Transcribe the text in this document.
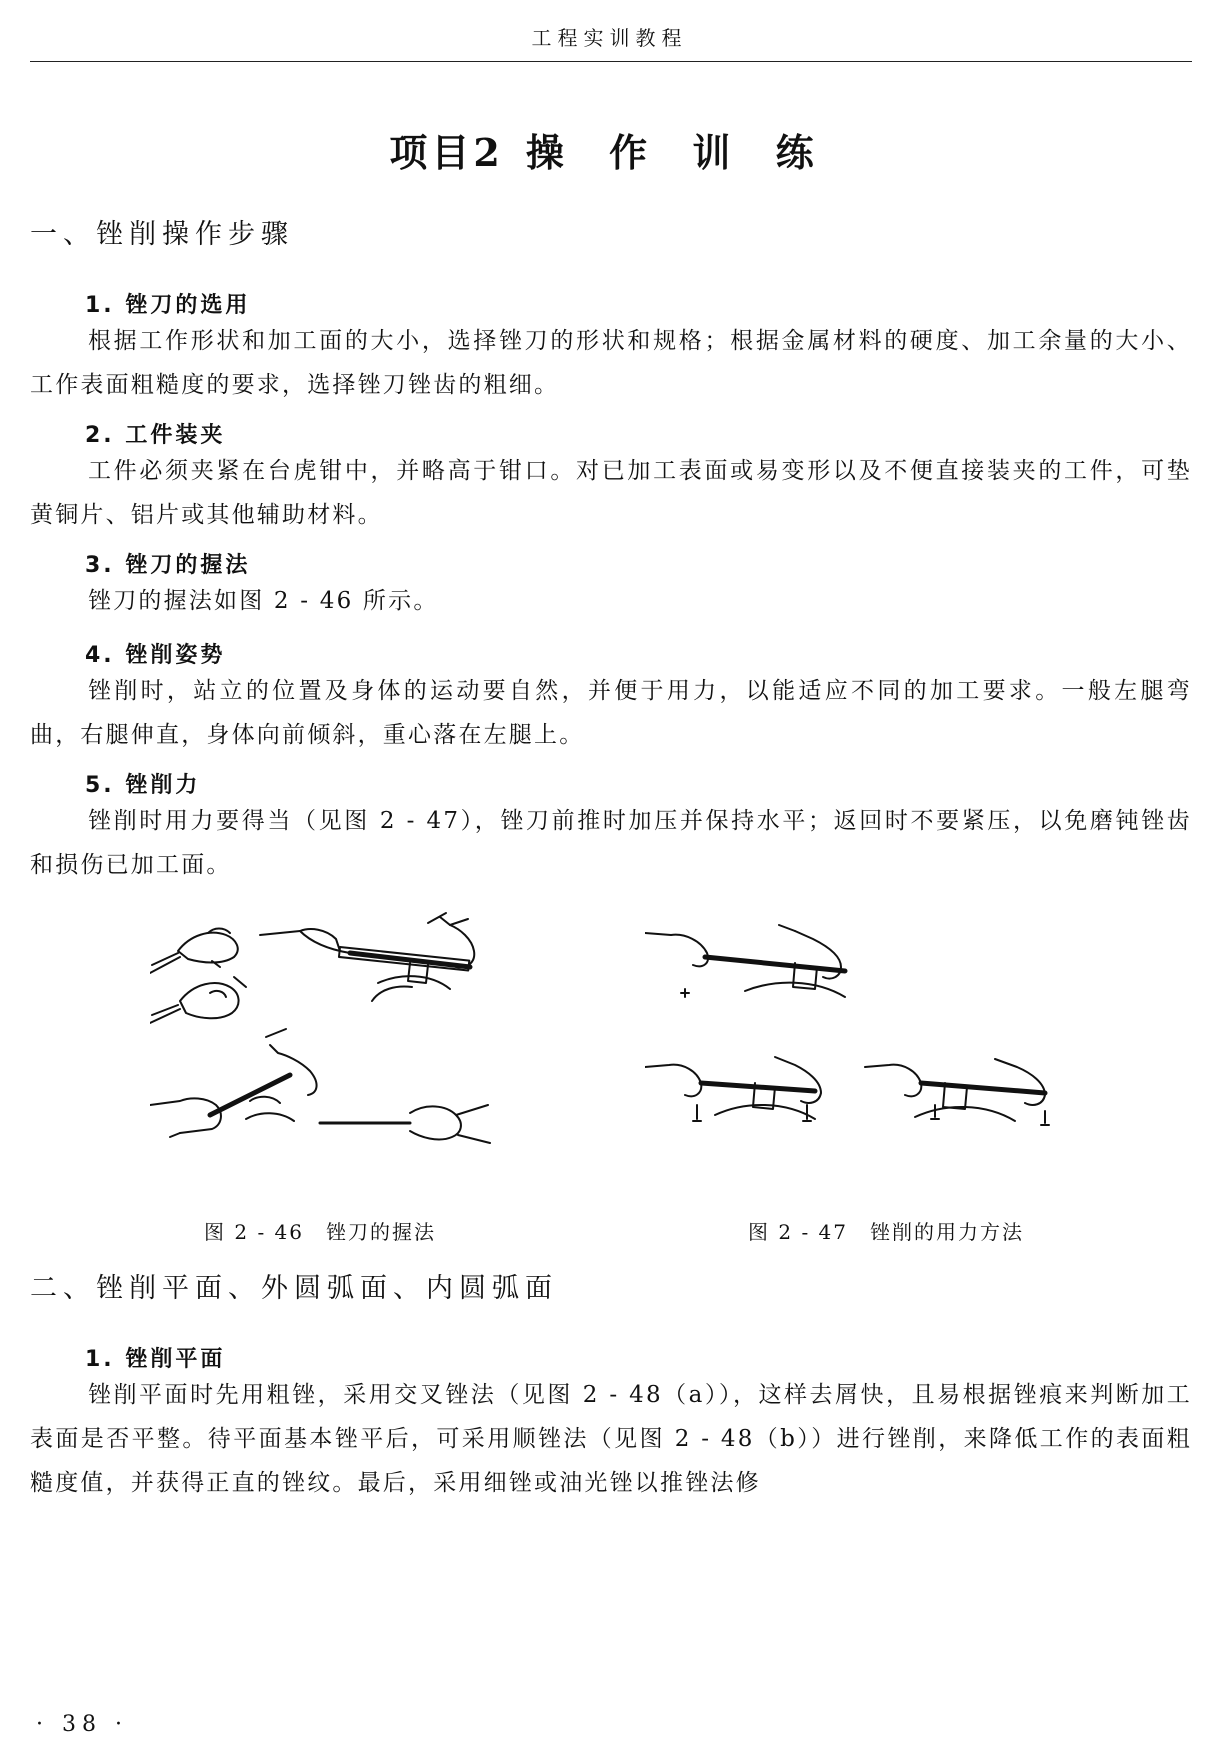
工程实训教程
项目2 操 作 训 练
一、锉削操作步骤
1. 锉刀的选用

根据工作形状和加工面的大小，选择锉刀的形状和规格；根据金属材料的硬度、加工余量的大小、工作表面粗糙度的要求，选择锉刀锉齿的粗细。

2. 工件装夹

工件必须夹紧在台虎钳中，并略高于钳口。对已加工表面或易变形以及不便直接装夹的工件，可垫黄铜片、铝片或其他辅助材料。

3. 锉刀的握法

锉刀的握法如图 2 - 46 所示。

4. 锉削姿势

锉削时，站立的位置及身体的运动要自然，并便于用力，以能适应不同的加工要求。一般左腿弯曲，右腿伸直，身体向前倾斜，重心落在左腿上。

5. 锉削力

锉削时用力要得当（见图 2 - 47），锉刀前推时加压并保持水平；返回时不要紧压，以免磨钝锉齿和损伤已加工面。

图 2 - 46 锉刀的握法	图 2 - 47 锉削的用力方法
二、锉削平面、外圆弧面、内圆弧面
1. 锉削平面

锉削平面时先用粗锉，采用交叉锉法（见图 2 - 48（a）），这样去屑快，且易根据锉痕来判断加工表面是否平整。待平面基本锉平后，可采用顺锉法（见图 2 - 48（b））进行锉削，来降低工作的表面粗糙度值，并获得正直的锉纹。最后，采用细锉或油光锉以推锉法修

· 38 ·
